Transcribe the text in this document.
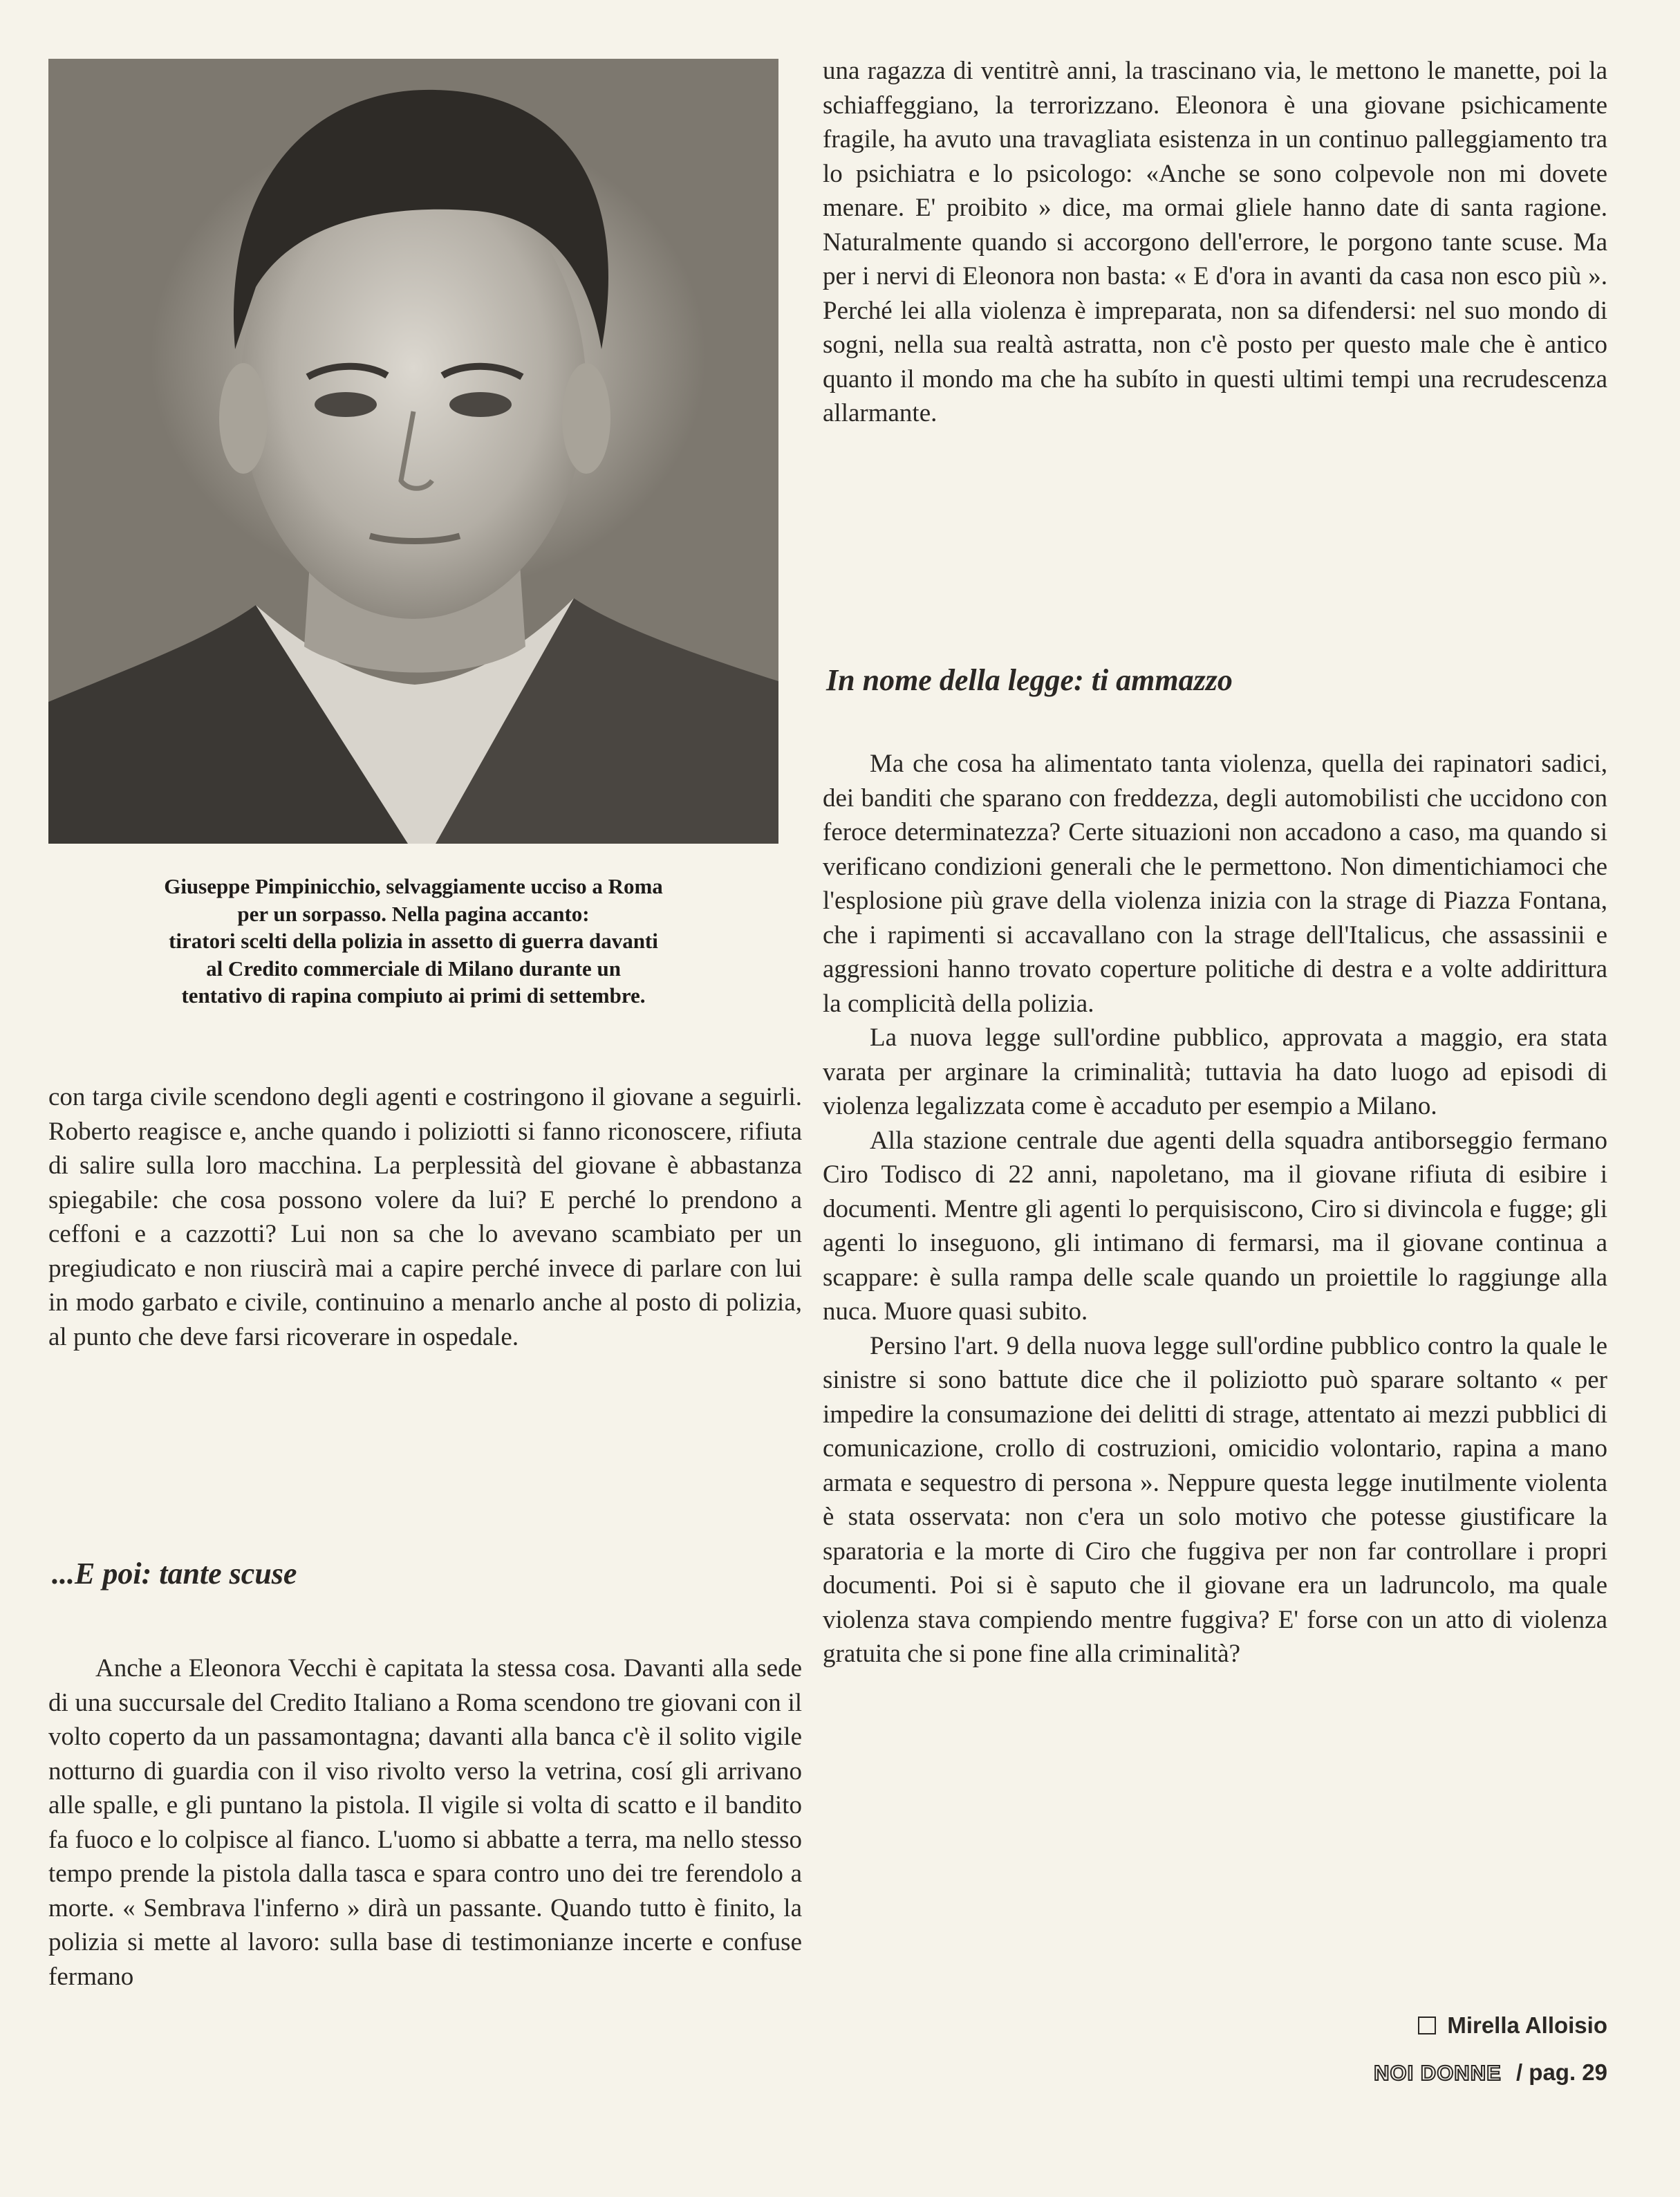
Giuseppe Pimpinicchio, selvaggiamente ucciso a Roma
per un sorpasso. Nella pagina accanto:
tiratori scelti della polizia in assetto di guerra davanti
al Credito commerciale di Milano durante un
tentativo di rapina compiuto ai primi di settembre.

con targa civile scendono degli agenti e costringono il giovane a seguirli. Roberto reagisce e, anche quando i poliziotti si fanno riconoscere, rifiuta di salire sulla loro macchina. La perplessità del giovane è abbastanza spiegabile: che cosa possono volere da lui? E perché lo prendono a ceffoni e a cazzotti? Lui non sa che lo avevano scambiato per un pregiudicato e non riuscirà mai a capire perché invece di parlare con lui in modo garbato e civile, continuino a menarlo anche al posto di polizia, al punto che deve farsi ricoverare in ospedale.

...E poi: tante scuse

Anche a Eleonora Vecchi è capitata la stessa cosa. Davanti alla sede di una succursale del Credito Italiano a Roma scendono tre giovani con il volto coperto da un passamontagna; davanti alla banca c'è il solito vigile notturno di guardia con il viso rivolto verso la vetrina, cosí gli arrivano alle spalle, e gli puntano la pistola. Il vigile si volta di scatto e il bandito fa fuoco e lo colpisce al fianco. L'uomo si abbatte a terra, ma nello stesso tempo prende la pistola dalla tasca e spara contro uno dei tre ferendolo a morte. « Sembrava l'inferno » dirà un passante. Quando tutto è finito, la polizia si mette al lavoro: sulla base di testimonianze incerte e confuse fermano

una ragazza di ventitrè anni, la trascinano via, le mettono le manette, poi la schiaffeggiano, la terrorizzano. Eleonora è una giovane psichicamente fragile, ha avuto una travagliata esistenza in un continuo palleggiamento tra lo psichiatra e lo psicologo: «Anche se sono colpevole non mi dovete menare. E' proibito » dice, ma ormai gliele hanno date di santa ragione. Naturalmente quando si accorgono dell'errore, le porgono tante scuse. Ma per i nervi di Eleonora non basta: « E d'ora in avanti da casa non esco più ». Perché lei alla violenza è impreparata, non sa difendersi: nel suo mondo di sogni, nella sua realtà astratta, non c'è posto per questo male che è antico quanto il mondo ma che ha subíto in questi ultimi tempi una recrudescenza allarmante.

In nome della legge: ti ammazzo

Ma che cosa ha alimentato tanta violenza, quella dei rapinatori sadici, dei banditi che sparano con freddezza, degli automobilisti che uccidono con feroce determinatezza? Certe situazioni non accadono a caso, ma quando si verificano condizioni generali che le permettono. Non dimentichiamoci che l'esplosione più grave della violenza inizia con la strage di Piazza Fontana, che i rapimenti si accavallano con la strage dell'Italicus, che assassinii e aggressioni hanno trovato coperture politiche di destra e a volte addirittura la complicità della polizia.

La nuova legge sull'ordine pubblico, approvata a maggio, era stata varata per arginare la criminalità; tuttavia ha dato luogo ad episodi di violenza legalizzata come è accaduto per esempio a Milano.

Alla stazione centrale due agenti della squadra antiborseggio fermano Ciro Todisco di 22 anni, napoletano, ma il giovane rifiuta di esibire i documenti. Mentre gli agenti lo perquisiscono, Ciro si divincola e fugge; gli agenti lo inseguono, gli intimano di fermarsi, ma il giovane continua a scappare: è sulla rampa delle scale quando un proiettile lo raggiunge alla nuca. Muore quasi subito.

Persino l'art. 9 della nuova legge sull'ordine pubblico contro la quale le sinistre si sono battute dice che il poliziotto può sparare soltanto « per impedire la consumazione dei delitti di strage, attentato ai mezzi pubblici di comunicazione, crollo di costruzioni, omicidio volontario, rapina a mano armata e sequestro di persona ». Neppure questa legge inutilmente violenta è stata osservata: non c'era un solo motivo che potesse giustificare la sparatoria e la morte di Ciro che fuggiva per non far controllare i propri documenti. Poi si è saputo che il giovane era un ladruncolo, ma quale violenza stava compiendo mentre fuggiva? E' forse con un atto di violenza gratuita che si pone fine alla criminalità?

Mirella Alloisio
NOI DONNE / pag. 29
